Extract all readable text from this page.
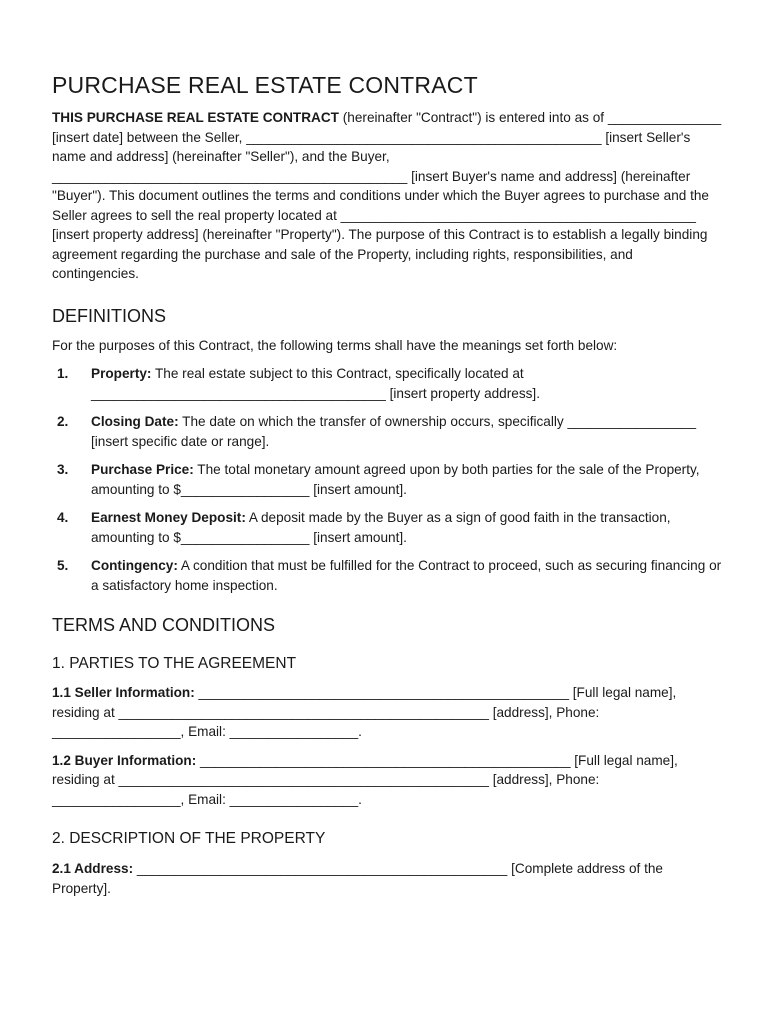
PURCHASE REAL ESTATE CONTRACT

THIS PURCHASE REAL ESTATE CONTRACT (hereinafter "Contract") is entered into as of _______________ [insert date] between the Seller, _______________________________________________ [insert Seller's name and address] (hereinafter "Seller"), and the Buyer, _______________________________________________ [insert Buyer's name and address] (hereinafter "Buyer"). This document outlines the terms and conditions under which the Buyer agrees to purchase and the Seller agrees to sell the real property located at _______________________________________________ [insert property address] (hereinafter "Property"). The purpose of this Contract is to establish a legally binding agreement regarding the purchase and sale of the Property, including rights, responsibilities, and contingencies.

DEFINITIONS

For the purposes of this Contract, the following terms shall have the meanings set forth below:

1. Property: The real estate subject to this Contract, specifically located at _______________________________________ [insert property address].
2. Closing Date: The date on which the transfer of ownership occurs, specifically _________________ [insert specific date or range].
3. Purchase Price: The total monetary amount agreed upon by both parties for the sale of the Property, amounting to $_________________ [insert amount].
4. Earnest Money Deposit: A deposit made by the Buyer as a sign of good faith in the transaction, amounting to $_________________ [insert amount].
5. Contingency: A condition that must be fulfilled for the Contract to proceed, such as securing financing or a satisfactory home inspection.
TERMS AND CONDITIONS
1. PARTIES TO THE AGREEMENT

1.1 Seller Information: _________________________________________________ [Full legal name], residing at _________________________________________________ [address], Phone: _________________, Email: _________________.

1.2 Buyer Information: _________________________________________________ [Full legal name], residing at _________________________________________________ [address], Phone: _________________, Email: _________________.

2. DESCRIPTION OF THE PROPERTY

2.1 Address: _________________________________________________ [Complete address of the Property].
